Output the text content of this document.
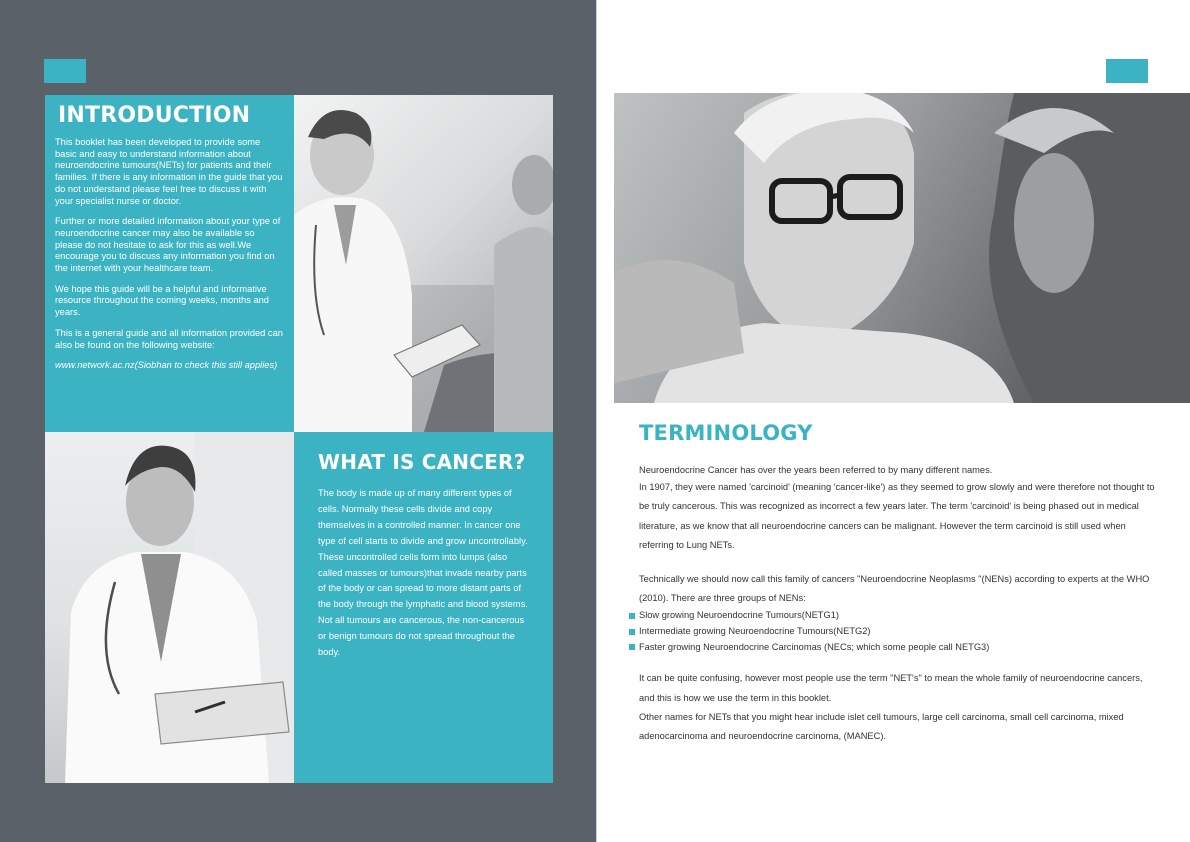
INTRODUCTION

This booklet has been developed to provide some basic and easy to understand information about neuroendocrine tumours(NETs) for patients and their families. If there is any information in the guide that you do not understand please feel free to discuss it with your specialist nurse or doctor.

Further or more detailed information about your type of neuroendocrine cancer may also be available so please do not hesitate to ask for this as well.We encourage you to discuss any information you find on the internet with your healthcare team.

We hope this guide will be a helpful and informative resource throughout the coming weeks, months and years.

This is a general guide and all information provided can also be found on the following website:

www.network.ac.nz(Siobhan to check this still applies)

WHAT IS CANCER?

The body is made up of many different types of cells. Normally these cells divide and copy themselves in a controlled manner. In cancer one type of cell starts to divide and grow uncontrollably. These uncontrolled cells form into lumps (also called masses or tumours)that invade nearby parts of the body or can spread to more distant parts of the body through the lymphatic and blood systems. Not all tumours are cancerous, the non-cancerous or benign tumours do not spread throughout the body.

TERMINOLOGY

Neuroendocrine Cancer has over the years been referred to by many different names.

In 1907, they were named 'carcinoid' (meaning 'cancer-like') as they seemed to grow slowly and were therefore not thought to be truly cancerous. This was recognized as incorrect a few years later. The term 'carcinoid' is being phased out in medical literature, as we know that all neuroendocrine cancers can be malignant. However the term carcinoid is still used when referring to Lung NETs.

Technically we should now call this family of cancers "Neuroendocrine Neoplasms "(NENs) according to experts at the WHO (2010). There are three groups of NENs:

Slow growing Neuroendocrine Tumours(NETG1)
Intermediate growing Neuroendocrine Tumours(NETG2)
Faster growing Neuroendocrine Carcinomas (NECs; which some people call NETG3)

It can be quite confusing, however most people use the term "NET's" to mean the whole family of neuroendocrine cancers, and this is how we use the term in this booklet.

Other names for NETs that you might hear include islet cell tumours, large cell carcinoma, small cell carcinoma, mixed adenocarcinoma and neuroendocrine carcinoma, (MANEC).
